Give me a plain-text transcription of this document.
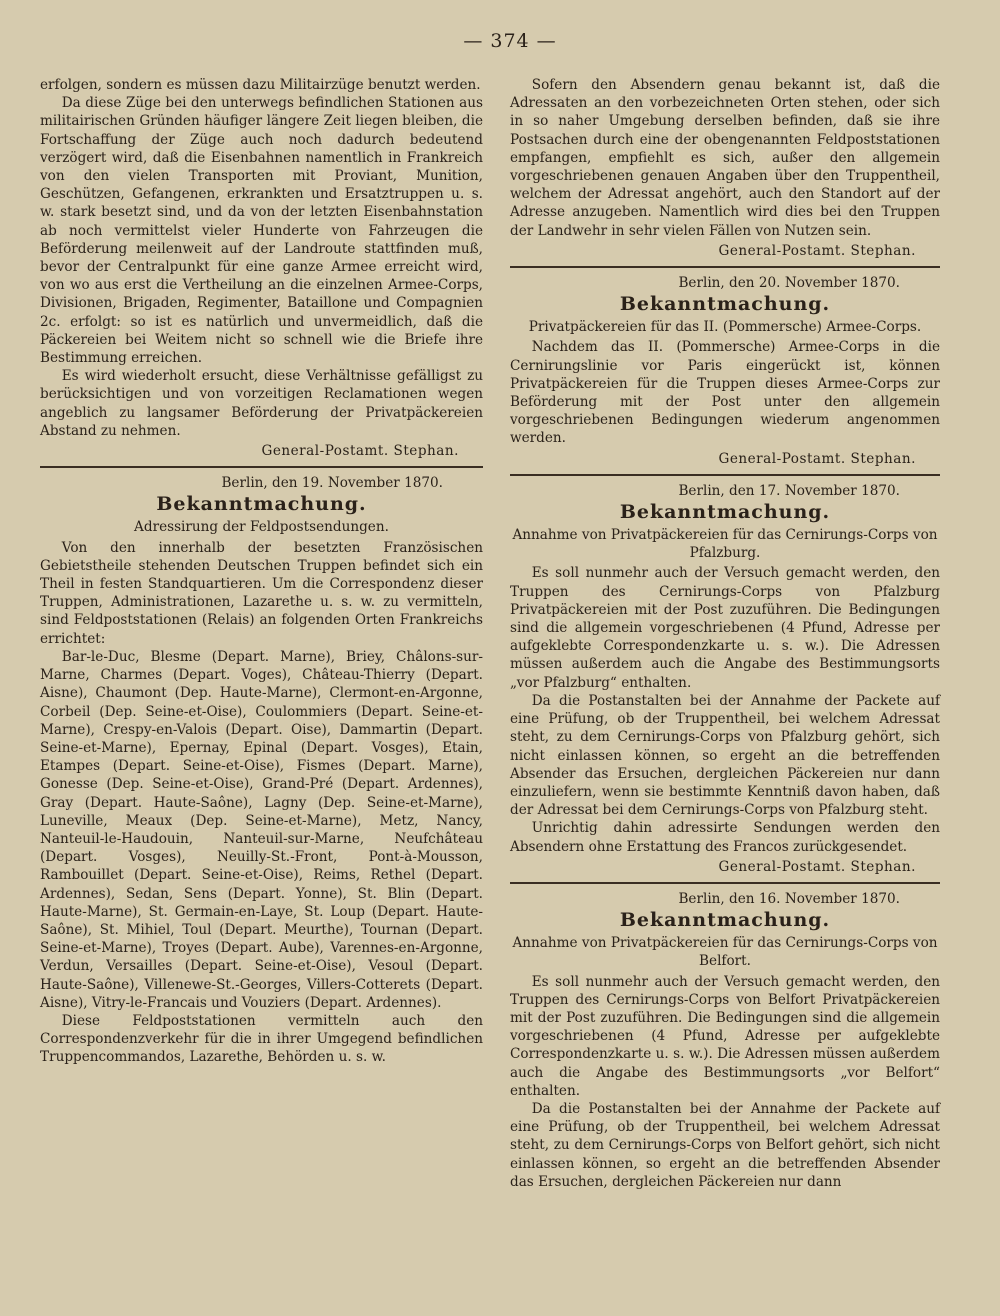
— 374 —

erfolgen, sondern es müssen dazu Militairzüge benutzt werden.

Da diese Züge bei den unterwegs befindlichen Stationen aus militairischen Gründen häufiger längere Zeit liegen bleiben, die Fortschaffung der Züge auch noch dadurch bedeutend verzögert wird, daß die Eisenbahnen namentlich in Frankreich von den vielen Transporten mit Proviant, Munition, Geschützen, Gefangenen, erkrankten und Ersatztruppen u. s. w. stark besetzt sind, und da von der letzten Eisenbahnstation ab noch vermittelst vieler Hunderte von Fahrzeugen die Beförderung meilenweit auf der Landroute stattfinden muß, bevor der Centralpunkt für eine ganze Armee erreicht wird, von wo aus erst die Vertheilung an die einzelnen Armee-Corps, Divisionen, Brigaden, Regimenter, Bataillone und Compagnien 2c. erfolgt: so ist es natürlich und unvermeidlich, daß die Päckereien bei Weitem nicht so schnell wie die Briefe ihre Bestimmung erreichen.

Es wird wiederholt ersucht, diese Verhältnisse gefälligst zu berücksichtigen und von vorzeitigen Reclamationen wegen angeblich zu langsamer Beförderung der Privatpäckereien Abstand zu nehmen.

General-Postamt. Stephan.

Berlin, den 19. November 1870.

Bekanntmachung.

Adressirung der Feldpostsendungen.

Von den innerhalb der besetzten Französischen Gebietstheile stehenden Deutschen Truppen befindet sich ein Theil in festen Standquartieren. Um die Correspondenz dieser Truppen, Administrationen, Lazarethe u. s. w. zu vermitteln, sind Feldpoststationen (Relais) an folgenden Orten Frankreichs errichtet:

Bar-le-Duc, Blesme (Depart. Marne), Briey, Châlons-sur-Marne, Charmes (Depart. Voges), Château-Thierry (Depart. Aisne), Chaumont (Dep. Haute-Marne), Clermont-en-Argonne, Corbeil (Dep. Seine-et-Oise), Coulommiers (Depart. Seine-et-Marne), Crespy-en-Valois (Depart. Oise), Dammartin (Depart. Seine-et-Marne), Epernay, Epinal (Depart. Vosges), Etain, Etampes (Depart. Seine-et-Oise), Fismes (Depart. Marne), Gonesse (Dep. Seine-et-Oise), Grand-Pré (Depart. Ardennes), Gray (Depart. Haute-Saône), Lagny (Dep. Seine-et-Marne), Luneville, Meaux (Dep. Seine-et-Marne), Metz, Nancy, Nanteuil-le-Haudouin, Nanteuil-sur-Marne, Neufchâteau (Depart. Vosges), Neuilly-St.-Front, Pont-à-Mousson, Rambouillet (Depart. Seine-et-Oise), Reims, Rethel (Depart. Ardennes), Sedan, Sens (Depart. Yonne), St. Blin (Depart. Haute-Marne), St. Germain-en-Laye, St. Loup (Depart. Haute-Saône), St. Mihiel, Toul (Depart. Meurthe), Tournan (Depart. Seine-et-Marne), Troyes (Depart. Aube), Varennes-en-Argonne, Verdun, Versailles (Depart. Seine-et-Oise), Vesoul (Depart. Haute-Saône), Villenewe-St.-Georges, Villers-Cotterets (Depart. Aisne), Vitry-le-Francais und Vouziers (Depart. Ardennes).

Diese Feldpoststationen vermitteln auch den Correspondenzverkehr für die in ihrer Umgegend befindlichen Truppencommandos, Lazarethe, Behörden u. s. w.

Sofern den Absendern genau bekannt ist, daß die Adressaten an den vorbezeichneten Orten stehen, oder sich in so naher Umgebung derselben befinden, daß sie ihre Postsachen durch eine der obengenannten Feldpoststationen empfangen, empfiehlt es sich, außer den allgemein vorgeschriebenen genauen Angaben über den Truppentheil, welchem der Adressat angehört, auch den Standort auf der Adresse anzugeben. Namentlich wird dies bei den Truppen der Landwehr in sehr vielen Fällen von Nutzen sein.

General-Postamt. Stephan.

Berlin, den 20. November 1870.

Bekanntmachung.

Privatpäckereien für das II. (Pommersche) Armee-Corps.

Nachdem das II. (Pommersche) Armee-Corps in die Cernirungslinie vor Paris eingerückt ist, können Privatpäckereien für die Truppen dieses Armee-Corps zur Beförderung mit der Post unter den allgemein vorgeschriebenen Bedingungen wiederum angenommen werden.

General-Postamt. Stephan.

Berlin, den 17. November 1870.

Bekanntmachung.

Annahme von Privatpäckereien für das Cernirungs-Corps von Pfalzburg.

Es soll nunmehr auch der Versuch gemacht werden, den Truppen des Cernirungs-Corps von Pfalzburg Privatpäckereien mit der Post zuzuführen. Die Bedingungen sind die allgemein vorgeschriebenen (4 Pfund, Adresse per aufgeklebte Correspondenzkarte u. s. w.). Die Adressen müssen außerdem auch die Angabe des Bestimmungsorts „vor Pfalzburg“ enthalten.

Da die Postanstalten bei der Annahme der Packete auf eine Prüfung, ob der Truppentheil, bei welchem Adressat steht, zu dem Cernirungs-Corps von Pfalzburg gehört, sich nicht einlassen können, so ergeht an die betreffenden Absender das Ersuchen, dergleichen Päckereien nur dann einzuliefern, wenn sie bestimmte Kenntniß davon haben, daß der Adressat bei dem Cernirungs-Corps von Pfalzburg steht.

Unrichtig dahin adressirte Sendungen werden den Absendern ohne Erstattung des Francos zurückgesendet.

General-Postamt. Stephan.

Berlin, den 16. November 1870.

Bekanntmachung.

Annahme von Privatpäckereien für das Cernirungs-Corps von Belfort.

Es soll nunmehr auch der Versuch gemacht werden, den Truppen des Cernirungs-Corps von Belfort Privatpäckereien mit der Post zuzuführen. Die Bedingungen sind die allgemein vorgeschriebenen (4 Pfund, Adresse per aufgeklebte Correspondenzkarte u. s. w.). Die Adressen müssen außerdem auch die Angabe des Bestimmungsorts „vor Belfort“ enthalten.

Da die Postanstalten bei der Annahme der Packete auf eine Prüfung, ob der Truppentheil, bei welchem Adressat steht, zu dem Cernirungs-Corps von Belfort gehört, sich nicht einlassen können, so ergeht an die betreffenden Absender das Ersuchen, dergleichen Päckereien nur dann
